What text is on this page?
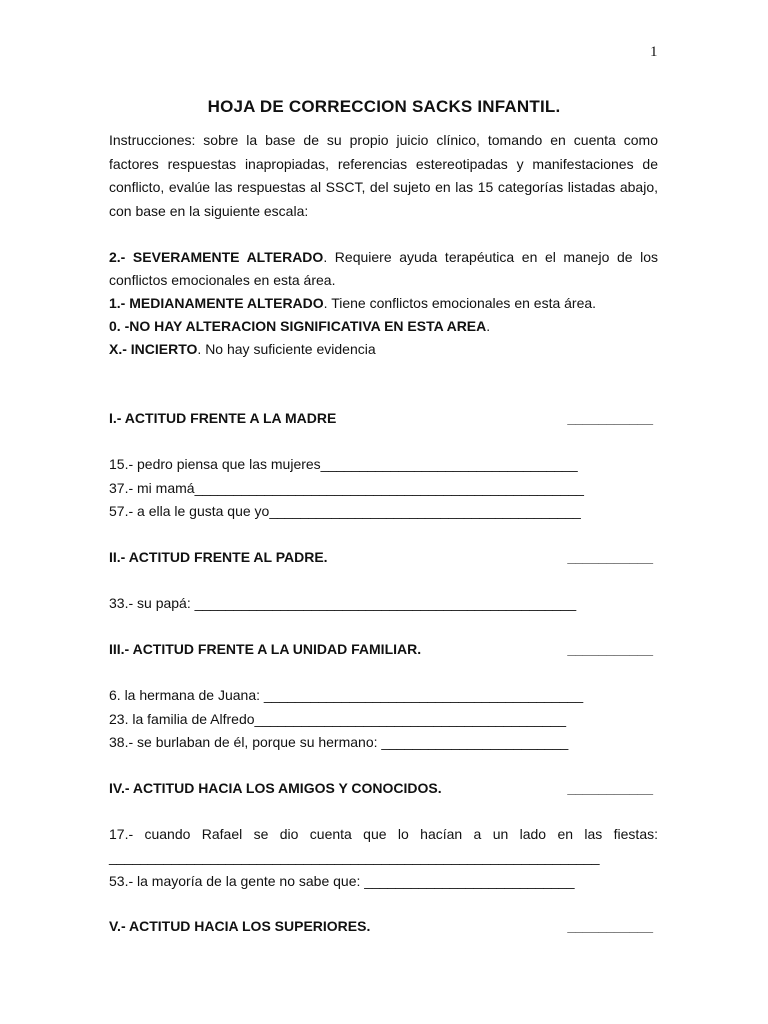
1
HOJA DE CORRECCION SACKS INFANTIL.
Instrucciones: sobre la base de su propio juicio clínico, tomando en cuenta como factores respuestas inapropiadas, referencias estereotipadas y manifestaciones de conflicto, evalúe las respuestas al SSCT, del sujeto en las 15 categorías listadas abajo, con base en la siguiente escala:

2.- SEVERAMENTE ALTERADO. Requiere ayuda terapéutica en el manejo de los conflictos emocionales en esta área.

1.- MEDIANAMENTE ALTERADO. Tiene conflictos emocionales en esta área.

0. -NO HAY ALTERACION SIGNIFICATIVA EN ESTA AREA.

X.- INCIERTO. No hay suficiente evidencia

I.- ACTITUD FRENTE A LA MADRE	___________
15.- pedro piensa que las mujeres_________________________________
37.- mi mamá__________________________________________________
57.- a ella le gusta que yo________________________________________
II.- ACTITUD FRENTE AL PADRE.	___________
33.- su papá: _________________________________________________
III.- ACTITUD FRENTE A LA UNIDAD FAMILIAR.	___________
6. la hermana de Juana: _________________________________________
23. la familia de Alfredo________________________________________
38.- se burlaban de él, porque su hermano: ________________________
IV.- ACTITUD HACIA LOS AMIGOS Y CONOCIDOS.	___________
17.- cuando Rafael se dio cuenta que lo hacían a un lado en las fiestas:
_______________________________________________________________
53.- la mayoría de la gente no sabe que: ___________________________
V.- ACTITUD HACIA LOS SUPERIORES.	___________
